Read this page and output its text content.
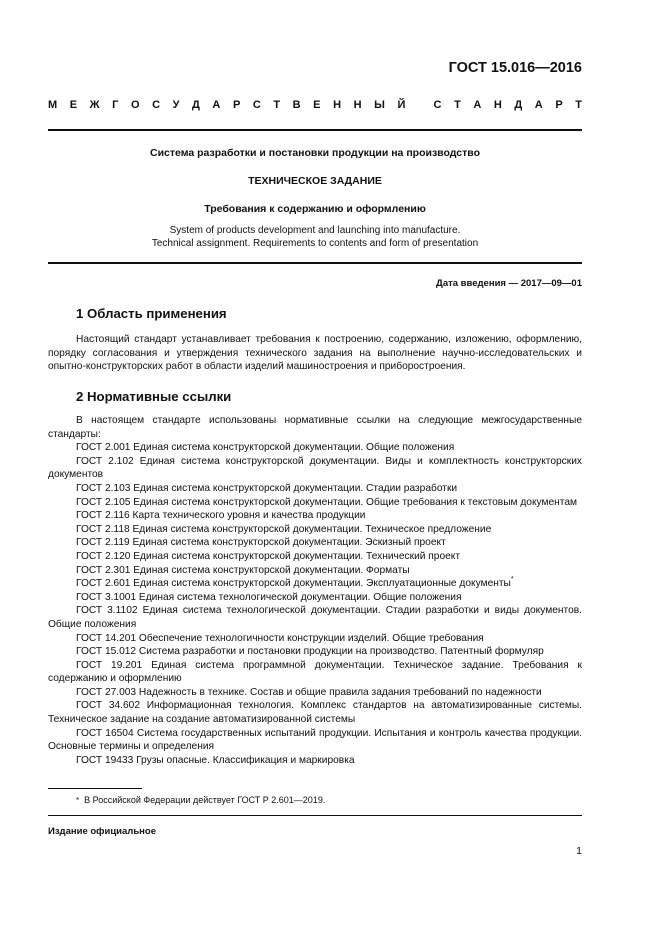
ГОСТ 15.016—2016

М Е Ж Г О С У Д А Р С Т В Е Н Н Ы Й
	С Т А Н Д А Р Т

Система разработки и постановки продукции на производство

ТЕХНИЧЕСКОЕ ЗАДАНИЕ

Требования к содержанию и оформлению

System of products development and launching into manufacture.

Technical assignment. Requirements to contents and form of presentation

Дата введения — 2017—09—01

1 Область применения

Настоящий стандарт устанавливает требования к построению, содержанию, изложению, оформлению, порядку согласования и утверждения технического задания на выполнение научно-исследовательских и опытно-конструкторских работ в области изделий машиностроения и приборостроения.

2 Нормативные ссылки

В настоящем стандарте использованы нормативные ссылки на следующие межгосударственные стандарты:

ГОСТ 2.001 Единая система конструкторской документации. Общие положения

ГОСТ 2.102 Единая система конструкторской документации. Виды и комплектность конструкторских документов

ГОСТ 2.103 Единая система конструкторской документации. Стадии разработки

ГОСТ 2.105 Единая система конструкторской документации. Общие требования к текстовым документам

ГОСТ 2.116 Карта технического уровня и качества продукции

ГОСТ 2.118 Единая система конструкторской документации. Техническое предложение

ГОСТ 2.119 Единая система конструкторской документации. Эскизный проект

ГОСТ 2.120 Единая система конструкторской документации. Технический проект

ГОСТ 2.301 Единая система конструкторской документации. Форматы

ГОСТ 2.601 Единая система конструкторской документации. Эксплуатационные документы*

ГОСТ 3.1001 Единая система технологической документации. Общие положения

ГОСТ 3.1102 Единая система технологической документации. Стадии разработки и виды документов. Общие положения

ГОСТ 14.201 Обеспечение технологичности конструкции изделий. Общие требования

ГОСТ 15.012 Система разработки и постановки продукции на производство. Патентный формуляр

ГОСТ 19.201 Единая система программной документации. Техническое задание. Требования к содержанию и оформлению

ГОСТ 27.003 Надежность в технике. Состав и общие правила задания требований по надежности

ГОСТ 34.602 Информационная технология. Комплекс стандартов на автоматизированные системы. Техническое задание на создание автоматизированной системы

ГОСТ 16504 Система государственных испытаний продукции. Испытания и контроль качества продукции. Основные термины и определения

ГОСТ 19433 Грузы опасные. Классификация и маркировка

* В Российской Федерации действует ГОСТ Р 2.601—2019.

Издание официальное

1
